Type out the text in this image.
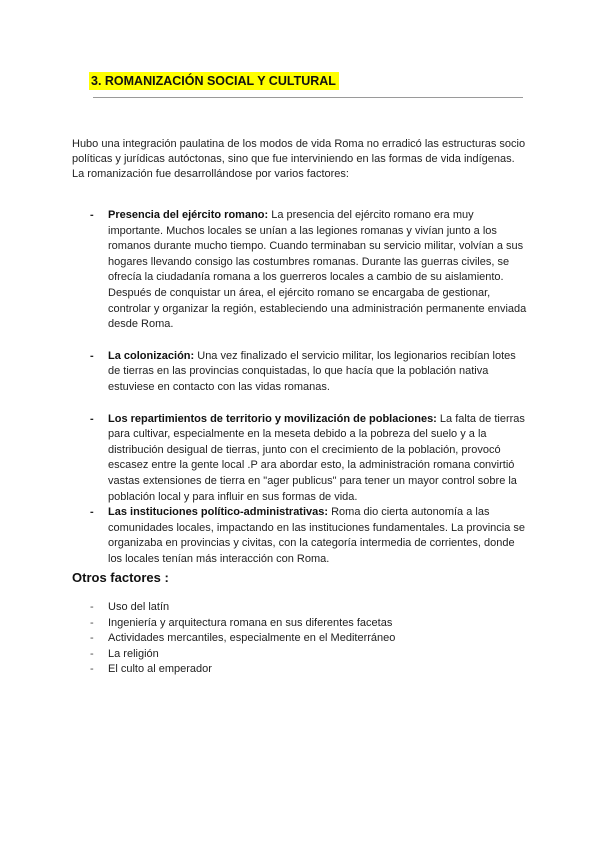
3. ROMANIZACIÓN SOCIAL Y CULTURAL

Hubo una integración paulatina de los modos de vida Roma no erradicó las estructuras socio políticas y jurídicas autóctonas, sino que fue interviniendo en las formas de vida indígenas.

La romanización fue desarrollándose por varios factores:

- Presencia del ejército romano: La presencia del ejército romano era muy importante. Muchos locales se unían a las legiones romanas y vivían junto a los romanos durante mucho tiempo. Cuando terminaban su servicio militar, volvían a sus hogares llevando consigo las costumbres romanas. Durante las guerras civiles, se ofrecía la ciudadanía romana a los guerreros locales a cambio de su aislamiento. Después de conquistar un área, el ejército romano se encargaba de gestionar, controlar y organizar la región, estableciendo una administración permanente enviada desde Roma.
- La colonización: Una vez finalizado el servicio militar, los legionarios recibían lotes de tierras en las provincias conquistadas, lo que hacía que la población nativa estuviese en contacto con las vidas romanas.
- Los repartimientos de territorio y movilización de poblaciones: La falta de tierras para cultivar, especialmente en la meseta debido a la pobreza del suelo y a la distribución desigual de tierras, junto con el crecimiento de la población, provocó escasez entre la gente local .P ara abordar esto, la administración romana convirtió vastas extensiones de tierra en "ager publicus" para tener un mayor control sobre la población local y para influir en sus formas de vida.
- Las instituciones político-administrativas: Roma dio cierta autonomía a las comunidades locales, impactando en las instituciones fundamentales. La provincia se organizaba en provincias y civitas, con la categoría intermedia de corrientes, donde los locales tenían más interacción con Roma.
Otros factores :
- Uso del latín
- Ingeniería y arquitectura romana en sus diferentes facetas
- Actividades mercantiles, especialmente en el Mediterráneo
- La religión
- El culto al emperador
